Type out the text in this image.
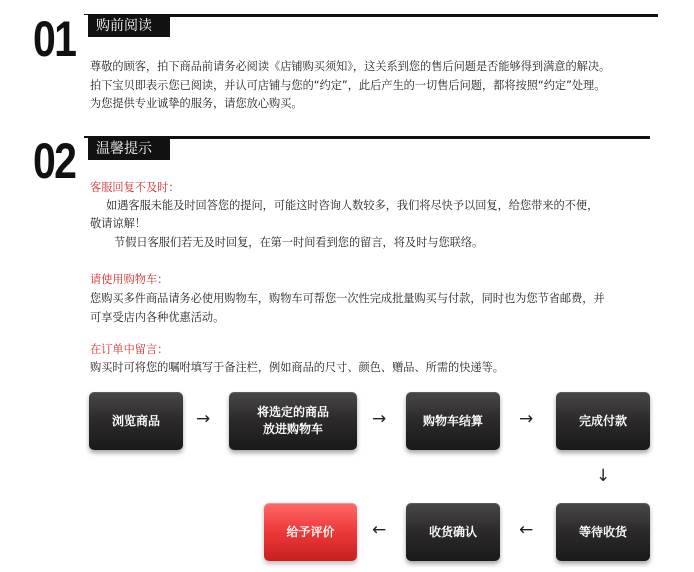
01	购前阅读
尊敬的顾客，拍下商品前请务必阅读《店铺购买须知》，这关系到您的售后问题是否能够得到满意的解决。
拍下宝贝即表示您已阅读，并认可店铺与您的“约定”，此后产生的一切售后问题，都将按照“约定”处理。
为您提供专业诚挚的服务，请您放心购买。
02	温馨提示
客服回复不及时：
如遇客服未能及时回答您的提问，可能这时咨询人数较多，我们将尽快予以回复，给您带来的不便，
敬请谅解！
节假日客服们若无及时回复，在第一时间看到您的留言，将及时与您联络。
请使用购物车：
您购买多件商品请务必使用购物车，购物车可帮您一次性完成批量购买与付款，同时也为您节省邮费，并
可享受店内各种优惠活动。
在订单中留言：
购买时可将您的嘱咐填写于备注栏，例如商品的尺寸、颜色、赠品、所需的快递等。
浏览商品 →	将选定的商品
放进购物车	→	购物车结算 →	完成付款
↓
等待收货
←
收货确认
←
给予评价
